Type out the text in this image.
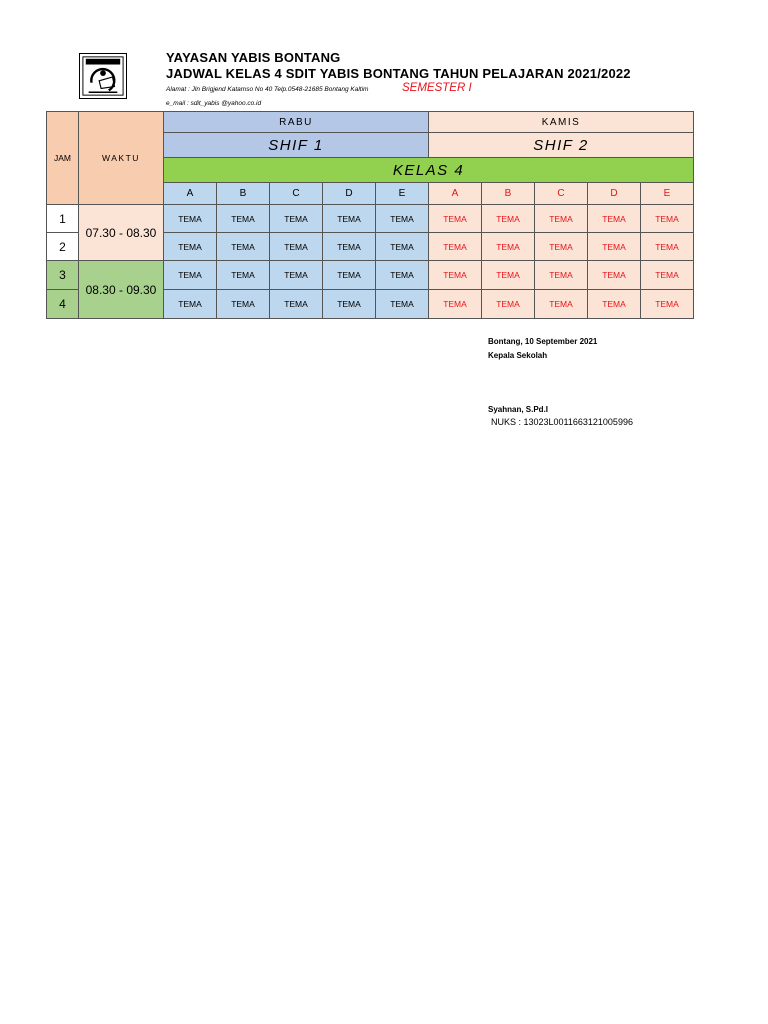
YAYASAN YABIS BONTANG
JADWAL KELAS 4 SDIT YABIS BONTANG TAHUN PELAJARAN 2021/2022
Alamat : Jln Brigjend Katamso No 40 Telp.0548-21685 Bontang Kaltim	SEMESTER I
e_mail : sdit_yabis @yahoo.co.id
JAM	WAKTU	RABU					KAMIS				
		SHIF 1					SHIF 2				
		KELAS 4									
		A	B	C	D	E	A	B	C	D	E
1	07.30 - 08.30	TEMA	TEMA	TEMA	TEMA	TEMA	TEMA	TEMA	TEMA	TEMA	TEMA
2		TEMA	TEMA	TEMA	TEMA	TEMA	TEMA	TEMA	TEMA	TEMA	TEMA
3	08.30 - 09.30	TEMA	TEMA	TEMA	TEMA	TEMA	TEMA	TEMA	TEMA	TEMA	TEMA
4		TEMA	TEMA	TEMA	TEMA	TEMA	TEMA	TEMA	TEMA	TEMA	TEMA
Bontang, 10 September 2021
Kepala Sekolah
Syahnan, S.Pd.I
NUKS : 13023L0011663121005996
